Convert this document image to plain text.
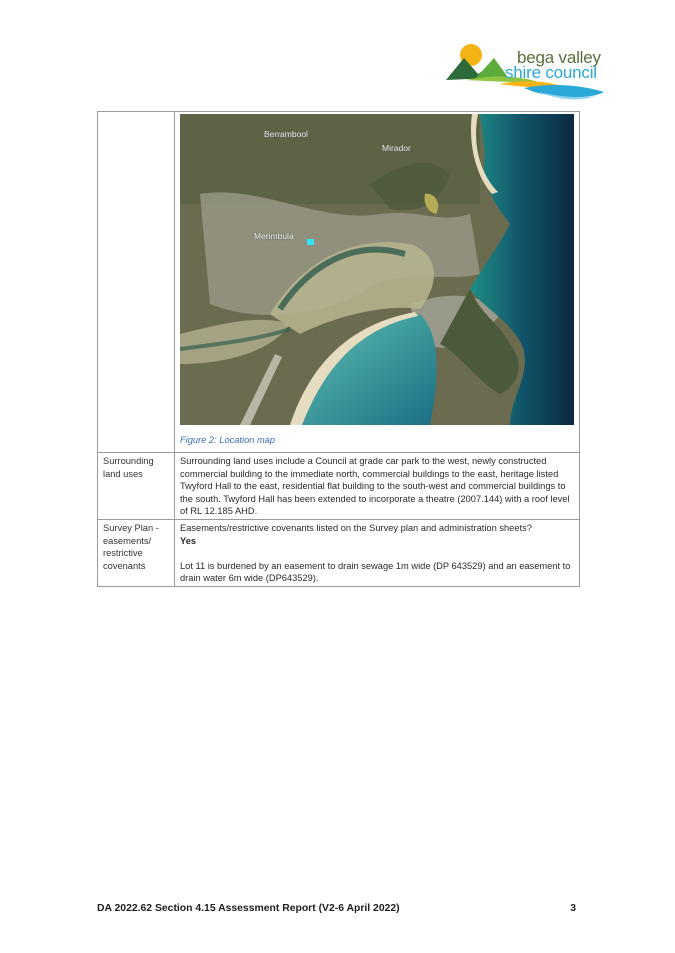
bega valley
shire council

	Berrambool
Mirador
Merimbula
Figure 2: Location map

Surrounding land uses	Surrounding land uses include a Council at grade car park to the west, newly constructed commercial building to the immediate north, commercial buildings to the east, heritage listed Twyford Hall to the east, residential flat building to the south-west and commercial buildings to the south. Twyford Hall has been extended to incorporate a theatre (2007.144) with a roof level of RL 12.185 AHD.
Survey Plan - easements/ restrictive covenants	Easements/restrictive covenants listed on the Survey plan and administration sheets?
Yes
Lot 11 is burdened by an easement to drain sewage 1m wide (DP 643529) and an easement to drain water 6m wide (DP643529).
DA 2022.62 Section 4.15 Assessment Report (V2-6 April 2022)	3
